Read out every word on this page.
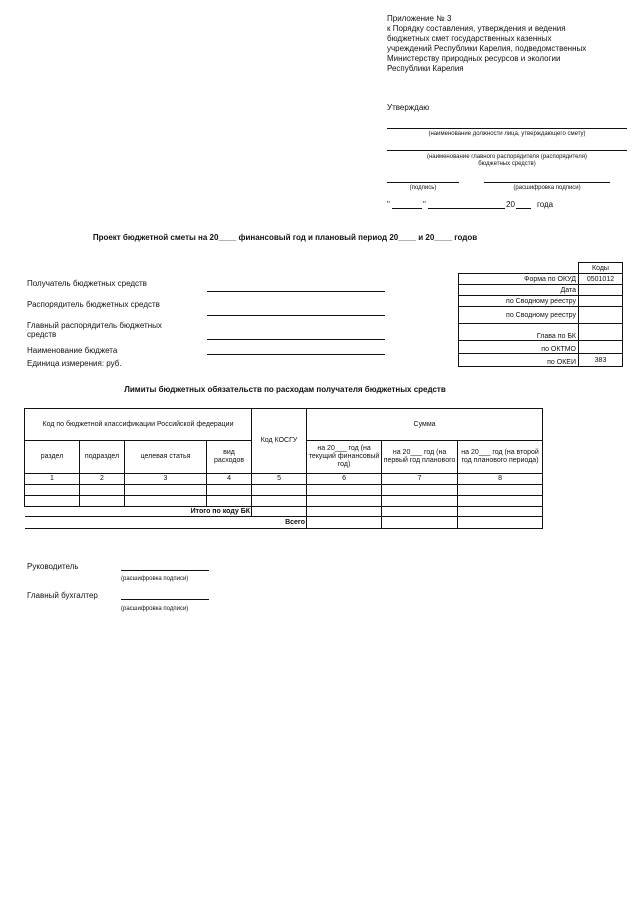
Приложение № 3
к Порядку составления, утверждения и ведения
бюджетных смет государственных казенных
учреждений Республики Карелия, подведомственных
Министерству природных ресурсов и экологии
Республики Карелия
Утверждаю
(наименование должности лица, утверждающего смету)
(наименование главного распорядителя (распорядителя)
бюджетных средств)
(подпись)	(расшифровка подписи)
"	"	20	года
Проект бюджетной сметы на 20____ финансовый год и плановый период 20____ и 20____ годов
Получатель бюджетных средств
Распорядитель бюджетных средств
Главный распорядитель бюджетных средств
Наименование бюджета
Единица измерения: руб.
	Коды
Форма по ОКУД	0501012
Дата	
по Сводному реестру	
по Сводному реестру	
Глава по БК	
по ОКТМО	
по ОКЕИ	383
Лимиты бюджетных обязательств по расходам получателя бюджетных средств
Код по бюджетной классификации Российской федерации				Код КОСГУ	Сумма		
раздел	подраздел	целевая статья	вид расходов		на 20___ год (на текущий финансовый год)	на 20___ год (на первый год планового	на 20___ год (на второй год планового периода)
1	2	3	4	5	6	7	8

Итого по коду БК							
Всего							
Руководитель
(расшифровка подписи)
Главный бухгалтер
(расшифровка подписи)
